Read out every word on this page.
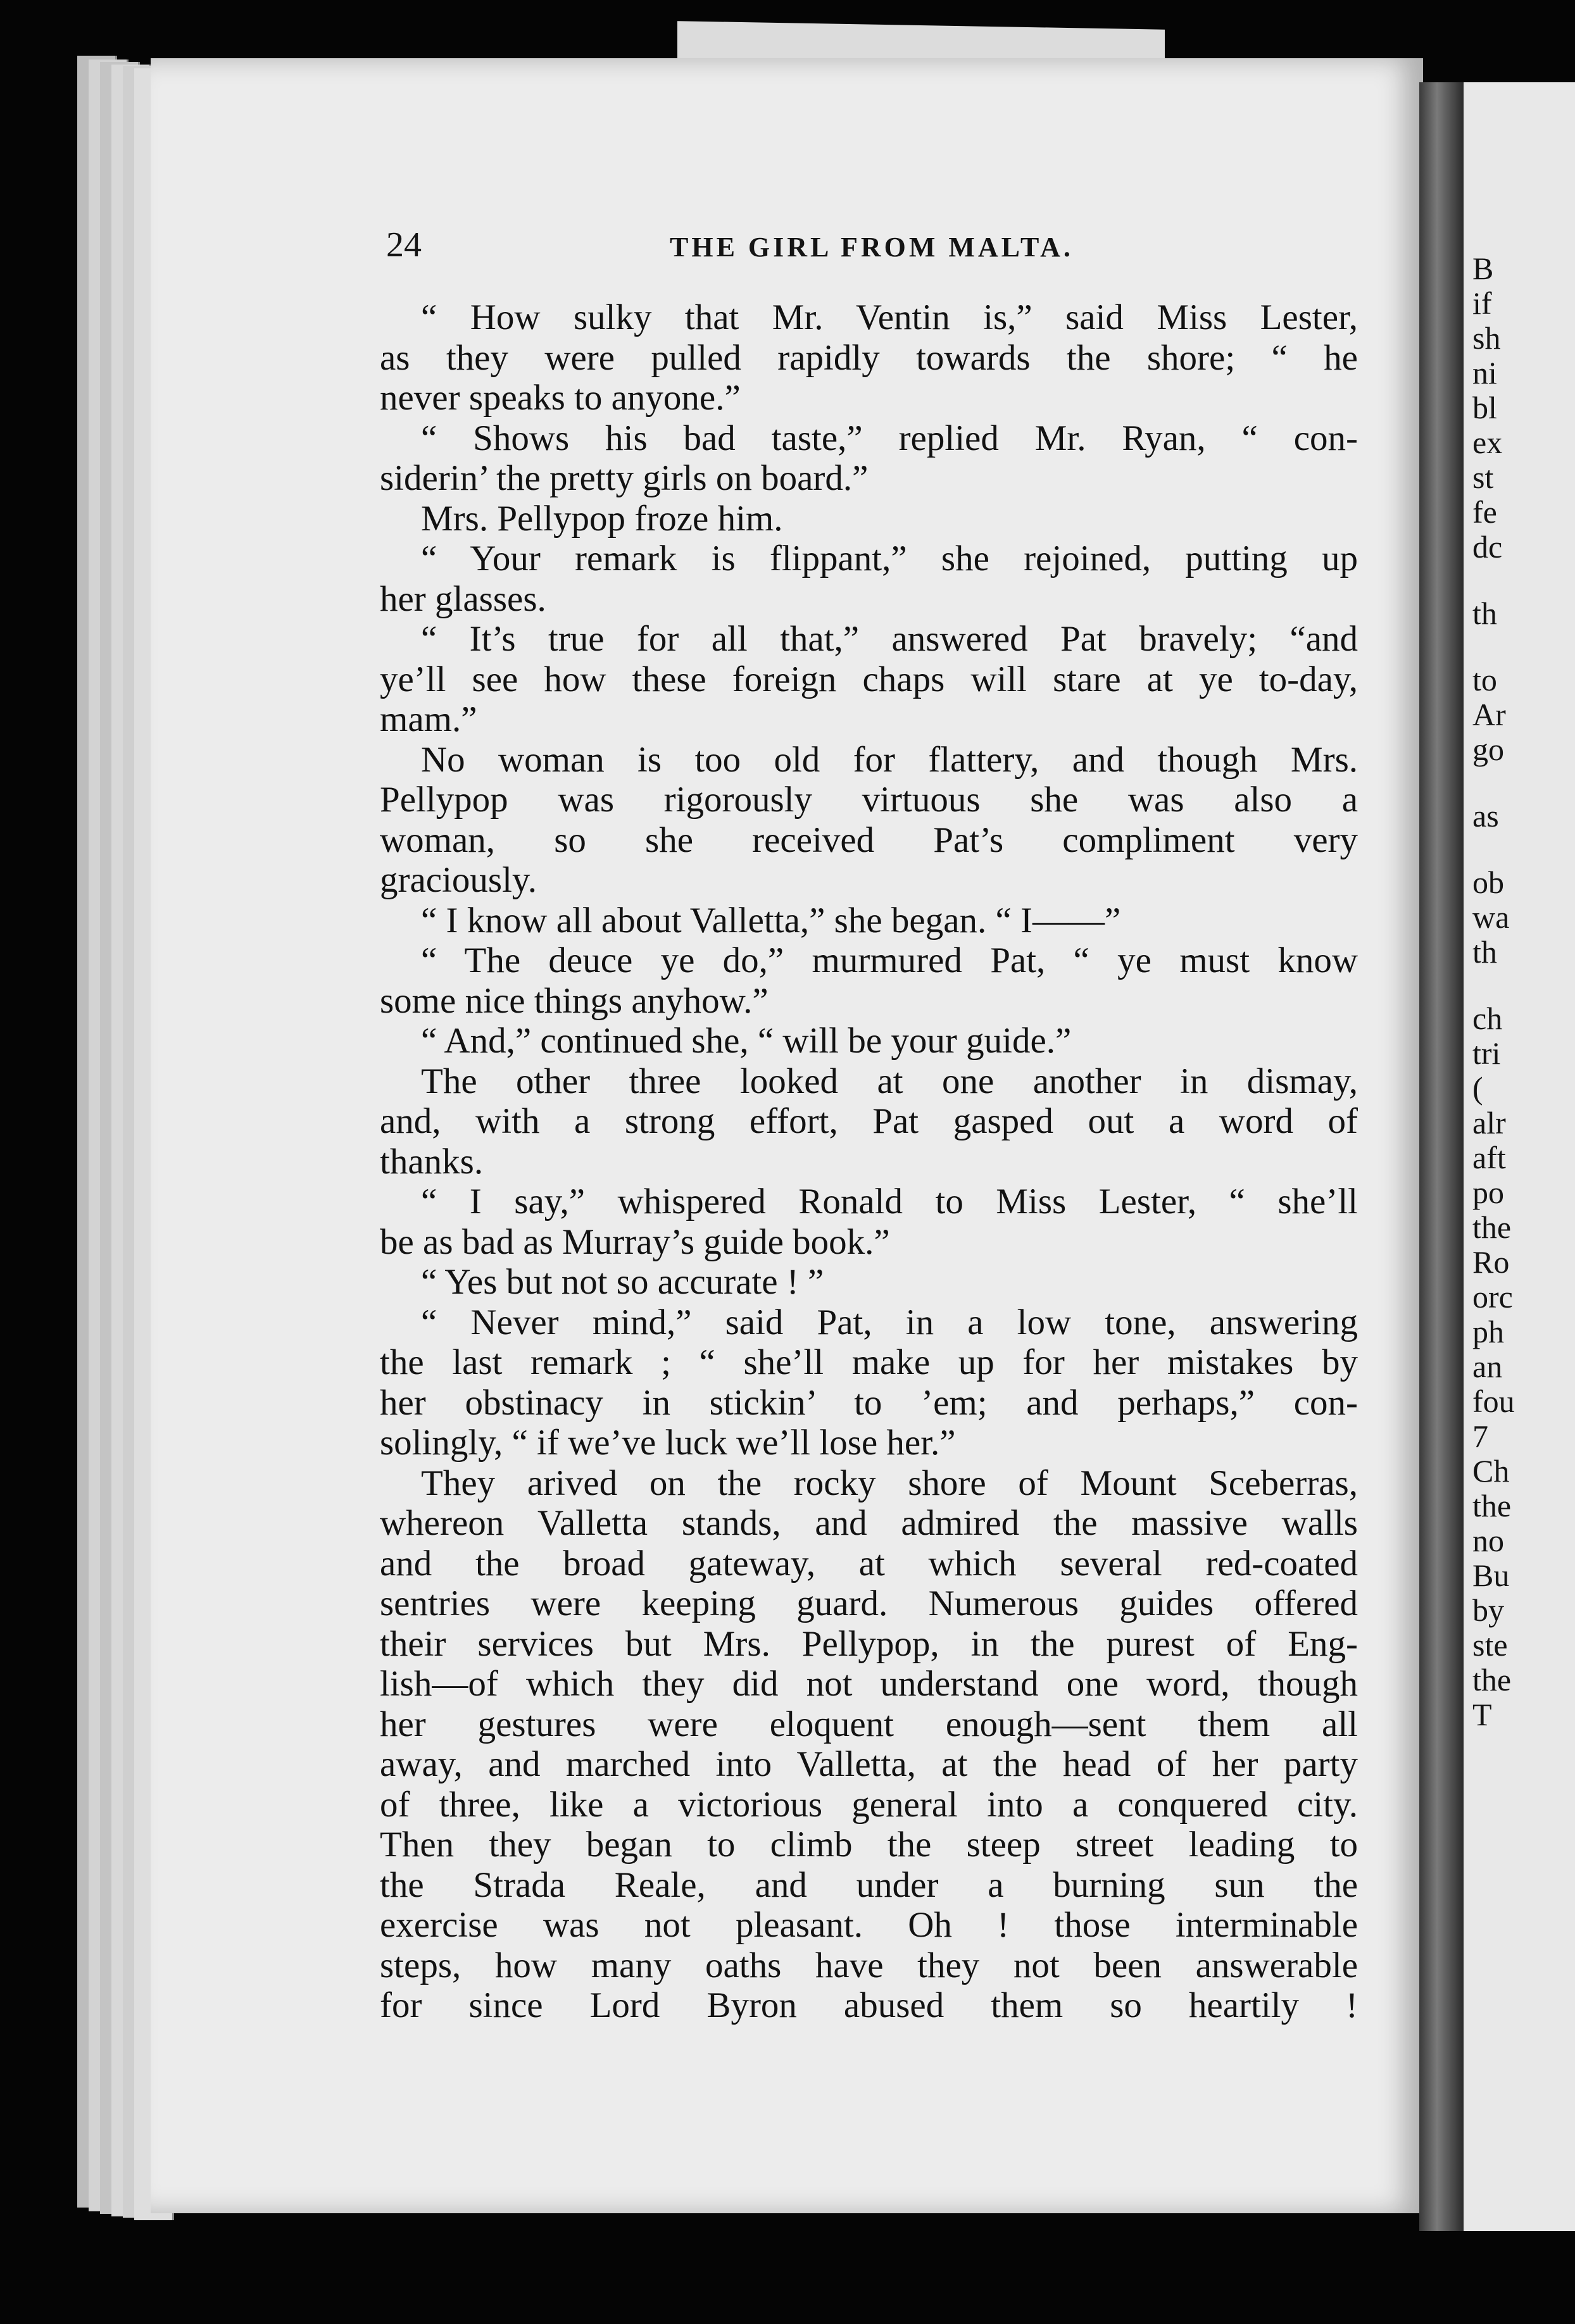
B
if
sh
ni
bl
ex
st
fe
dc
th
to
Ar
go
as
ob
wa
th
ch
tri
(
alr
aft
po
the
Ro
orc
ph
an
fou
7
Ch
the
no
Bu
by
ste
the
T
24	THE GIRL FROM MALTA.
“ How sulky that Mr. Ventin is,” said Miss Lester,
as they were pulled rapidly towards the shore; “ he
never speaks to anyone.”
“ Shows his bad taste,” replied Mr. Ryan, “ con-
siderin’ the pretty girls on board.”
Mrs. Pellypop froze him.
“ Your remark is flippant,” she rejoined, putting up
her glasses.
“ It’s true for all that,” answered Pat bravely; “and
ye’ll see how these foreign chaps will stare at ye to-day,
mam.”
No woman is too old for flattery, and though Mrs.
Pellypop was rigorously virtuous she was also a
woman, so she received Pat’s compliment very
graciously.
“ I know all about Valletta,” she began. “ I——”
“ The deuce ye do,” murmured Pat, “ ye must know
some nice things anyhow.”
“ And,” continued she, “ will be your guide.”
The other three looked at one another in dismay,
and, with a strong effort, Pat gasped out a word of
thanks.
“ I say,” whispered Ronald to Miss Lester, “ she’ll
be as bad as Murray’s guide book.”
“ Yes but not so accurate ! ”
“ Never mind,” said Pat, in a low tone, answering
the last remark ; “ she’ll make up for her mistakes by
her obstinacy in stickin’ to ’em; and perhaps,” con-
solingly, “ if we’ve luck we’ll lose her.”
They arived on the rocky shore of Mount Sceberras,
whereon Valletta stands, and admired the massive walls
and the broad gateway, at which several red-coated
sentries were keeping guard. Numerous guides offered
their services but Mrs. Pellypop, in the purest of Eng-
lish—of which they did not understand one word, though
her gestures were eloquent enough—sent them all
away, and marched into Valletta, at the head of her party
of three, like a victorious general into a conquered city.
Then they began to climb the steep street leading to
the Strada Reale, and under a burning sun the
exercise was not pleasant. Oh ! those interminable
steps, how many oaths have they not been answerable
for since Lord Byron abused them so heartily !
